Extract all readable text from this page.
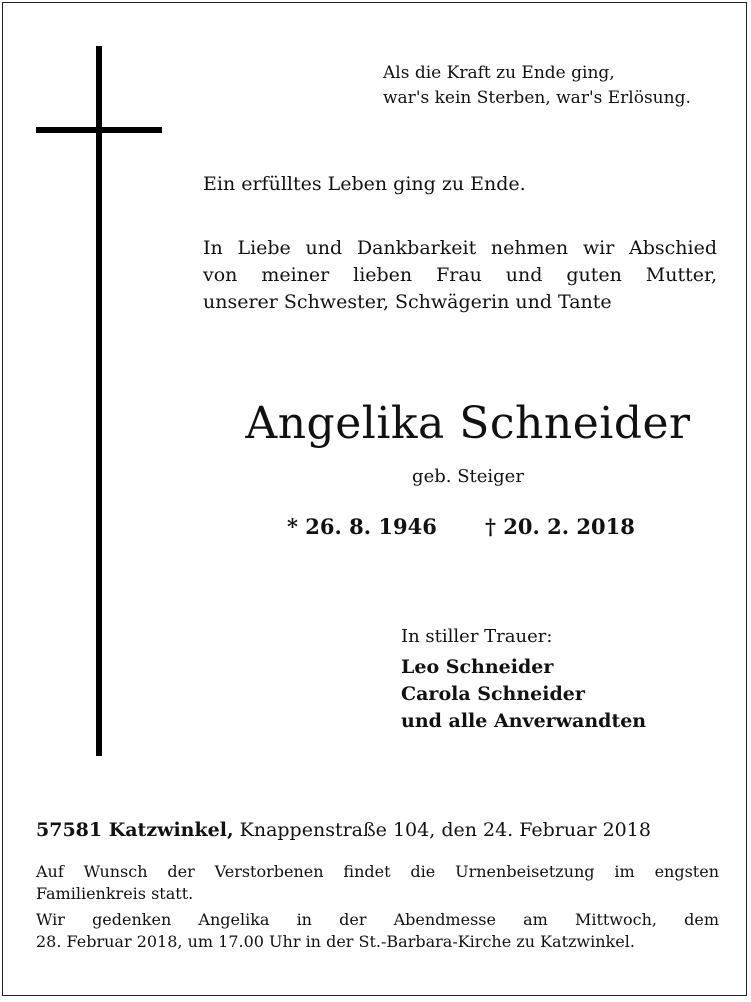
Als die Kraft zu Ende ging,
war's kein Sterben, war's Erlösung.
Ein erfülltes Leben ging zu Ende.
In Liebe und Dankbarkeit nehmen wir Abschied
von meiner lieben Frau und guten Mutter,
unserer Schwester, Schwägerin und Tante
Angelika Schneider
geb. Steiger
* 26. 8. 1946 † 20. 2. 2018
In stiller Trauer:
Leo Schneider
Carola Schneider
und alle Anverwandten
57581 Katzwinkel, Knappenstraße 104, den 24. Februar 2018
Auf Wunsch der Verstorbenen findet die Urnenbeisetzung im engsten
Familienkreis statt.
Wir gedenken Angelika in der Abendmesse am Mittwoch, dem
28. Februar 2018, um 17.00 Uhr in der St.-Barbara-Kirche zu Katzwinkel.
